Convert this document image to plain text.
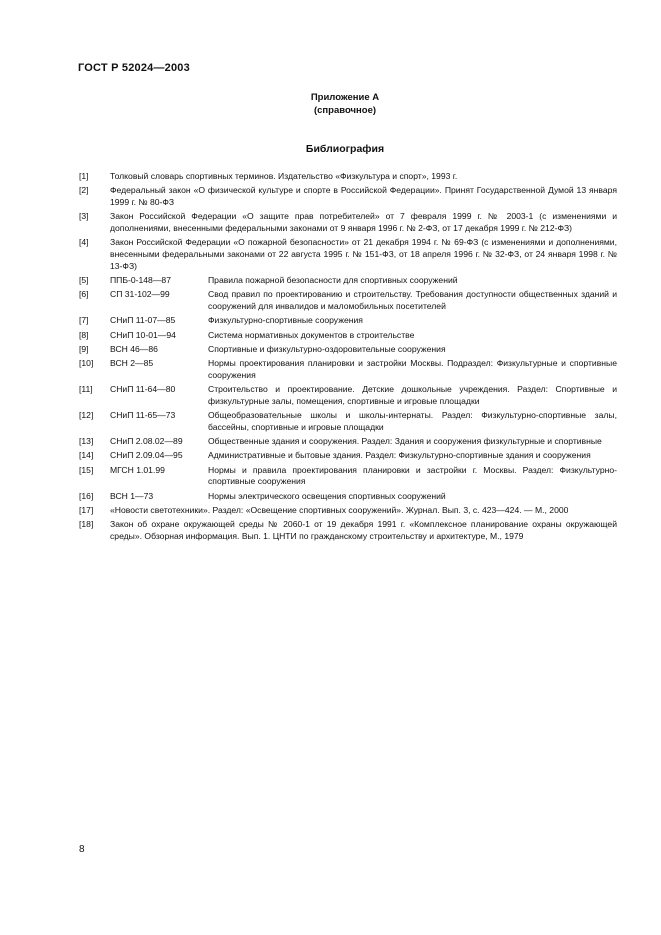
ГОСТ Р 52024—2003
Приложение А
(справочное)
Библиография
[1]	Толковый словарь спортивных терминов. Издательство «Физкультура и спорт», 1993 г.
[2]	Федеральный закон «О физической культуре и спорте в Российской Федерации». Принят Государственной Думой 13 января 1999 г. № 80-ФЗ
[3]	Закон Российской Федерации «О защите прав потребителей» от 7 февраля 1999 г. № 2003-1 (с изменениями и дополнениями, внесенными федеральными законами от 9 января 1996 г. № 2-ФЗ, от 17 декабря 1999 г. № 212-ФЗ)
[4]	Закон Российской Федерации «О пожарной безопасности» от 21 декабря 1994 г. № 69-ФЗ (с изменениями и дополнениями, внесенными федеральными законами от 22 августа 1995 г. № 151-ФЗ, от 18 апреля 1996 г. № 32-ФЗ, от 24 января 1998 г. № 13-ФЗ)
[5]	ППБ-0-148—87	Правила пожарной безопасности для спортивных сооружений
[6]	СП 31-102—99	Свод правил по проектированию и строительству. Требования доступности общественных зданий и сооружений для инвалидов и маломобильных посетителей
[7]	СНиП 11-07—85	Физкультурно-спортивные сооружения
[8]	СНиП 10-01—94	Система нормативных документов в строительстве
[9]	ВСН 46—86	Спортивные и физкультурно-оздоровительные сооружения
[10]	ВСН 2—85	Нормы проектирования планировки и застройки Москвы. Подраздел: Физкультурные и спортивные сооружения
[11]	СНиП 11-64—80	Строительство и проектирование. Детские дошкольные учреждения. Раздел: Спортивные и физкультурные залы, помещения, спортивные и игровые площадки
[12]	СНиП 11-65—73	Общеобразовательные школы и школы-интернаты. Раздел: Физкультурно-спортивные залы, бассейны, спортивные и игровые площадки
[13]	СНиП 2.08.02—89	Общественные здания и сооружения. Раздел: Здания и сооружения физкультурные и спортивные
[14]	СНиП 2.09.04—95	Административные и бытовые здания. Раздел: Физкультурно-спортивные здания и сооружения
[15]	МГСН 1.01.99	Нормы и правила проектирования планировки и застройки г. Москвы. Раздел: Физкультурно-спортивные сооружения
[16]	ВСН 1—73	Нормы электрического освещения спортивных сооружений
[17]	«Новости светотехники». Раздел: «Освещение спортивных сооружений». Журнал. Вып. 3, с. 423—424. — М., 2000
[18]	Закон об охране окружающей среды № 2060-1 от 19 декабря 1991 г. «Комплексное планирование охраны окружающей среды». Обзорная информация. Вып. 1. ЦНТИ по гражданскому строительству и архитектуре, М., 1979
8
